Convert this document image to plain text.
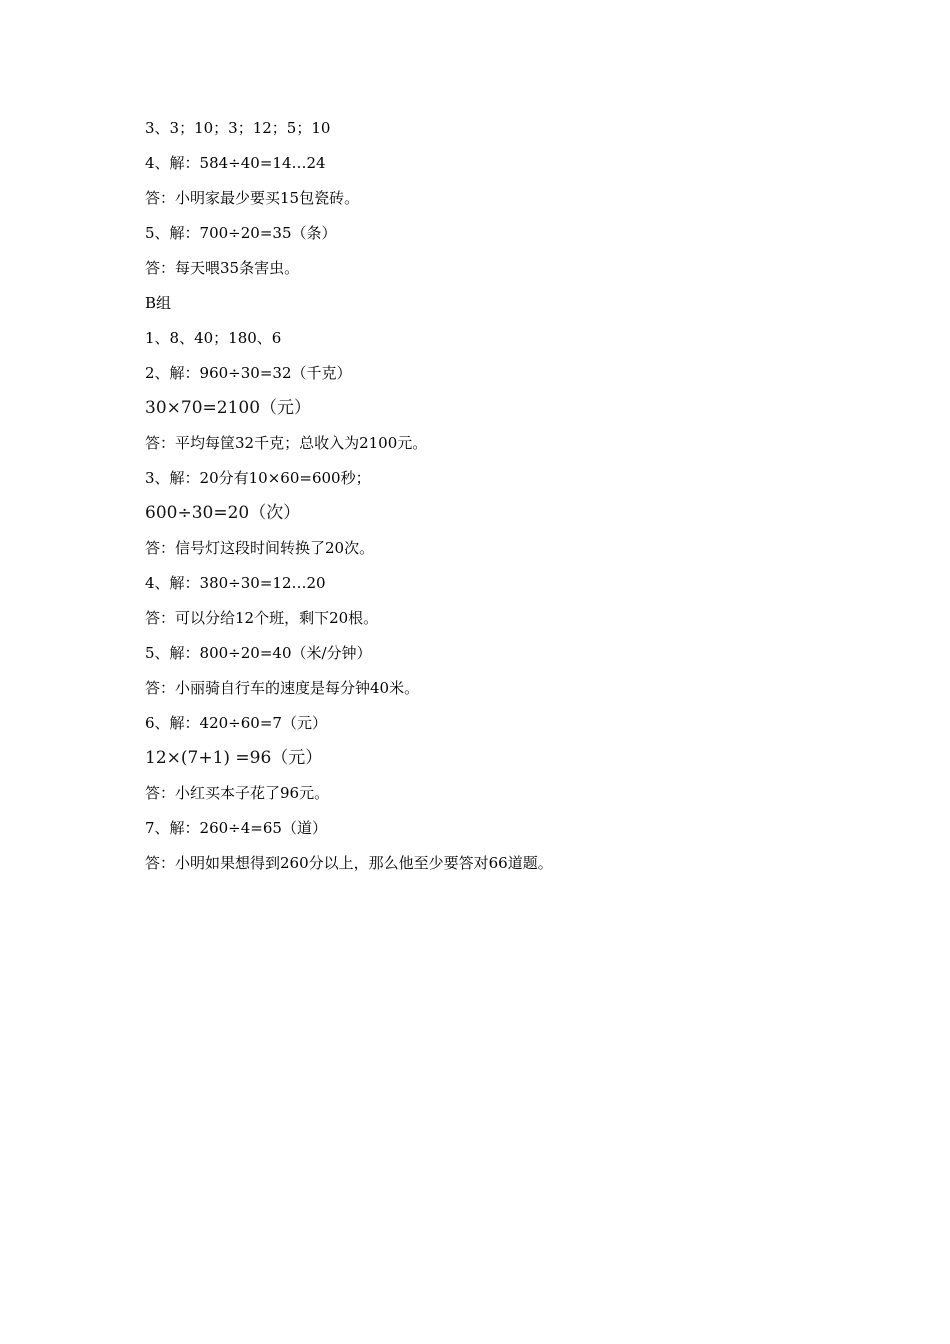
3、3；10；3；12；5；10
4、解：584÷40=14…24
答：小明家最少要买15包瓷砖。
5、解：700÷20=35（条）
答：每天喂35条害虫。
B组
1、8、40；180、6
2、解：960÷30=32（千克）
30×70=2100（元）
答：平均每筐32千克；总收入为2100元。
3、解：20分有10×60=600秒；
600÷30=20（次）
答：信号灯这段时间转换了20次。
4、解：380÷30=12…20
答：可以分给12个班，剩下20根。
5、解：800÷20=40（米/分钟）
答：小丽骑自行车的速度是每分钟40米。
6、解：420÷60=7（元）
12×(7+1) =96（元）
答：小红买本子花了96元。
7、解：260÷4=65（道）
答：小明如果想得到260分以上，那么他至少要答对66道题。
